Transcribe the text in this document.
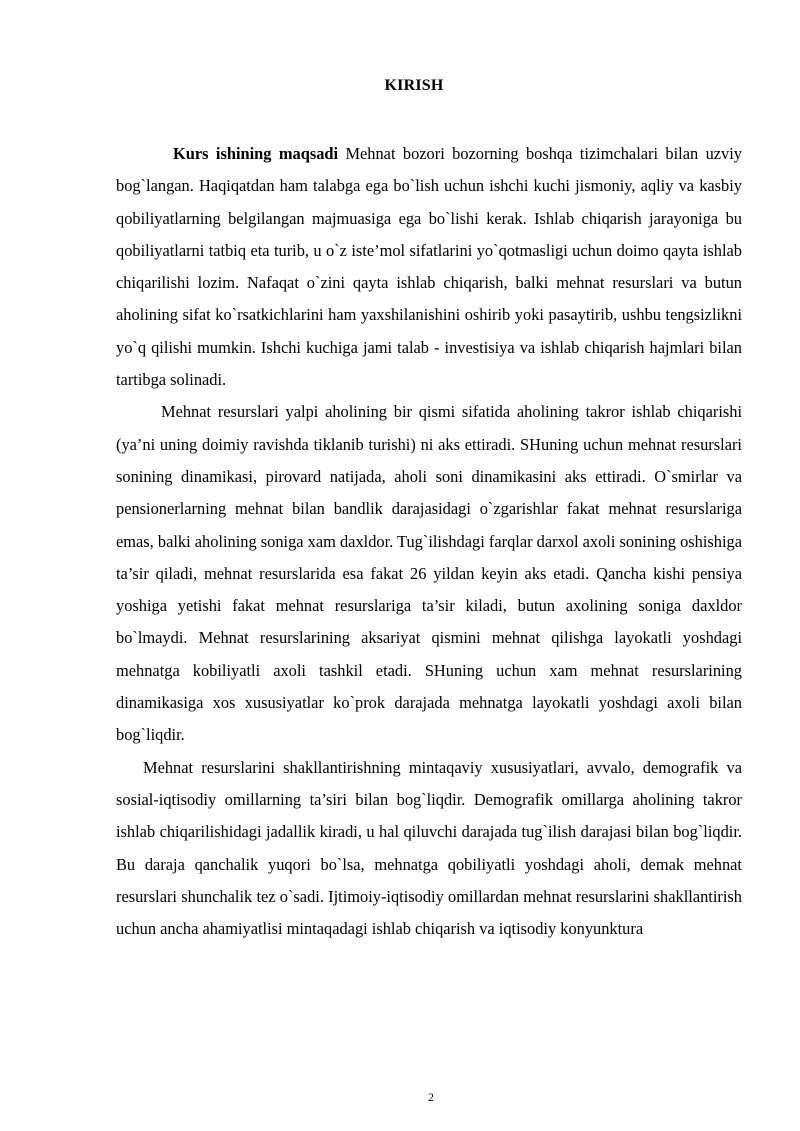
KIRISH

Kurs ishining maqsadi Mehnat bozori bozorning boshqa tizimchalari bilan uzviy bog`langan. Haqiqatdan ham talabga ega bo`lish uchun ishchi kuchi jismoniy, aqliy va kasbiy qobiliyatlarning belgilangan majmuasiga ega bo`lishi kerak. Ishlab chiqarish jarayoniga bu qobiliyatlarni tatbiq eta turib, u o`z iste’mol sifatlarini yo`qotmasligi uchun doimo qayta ishlab chiqarilishi lozim. Nafaqat o`zini qayta ishlab chiqarish, balki mehnat resurslari va butun aholining sifat ko`rsatkichlarini ham yaxshilanishini oshirib yoki pasaytirib, ushbu tengsizlikni yo`q qilishi mumkin. Ishchi kuchiga jami talab - investisiya va ishlab chiqarish hajmlari bilan tartibga solinadi.

Mehnat resurslari yalpi aholining bir qismi sifatida aholining takror ishlab chiqarishi (ya’ni uning doimiy ravishda tiklanib turishi) ni aks ettiradi. SHuning uchun mehnat resurslari sonining dinamikasi, pirovard natijada, aholi soni dinamikasini aks ettiradi. O`smirlar va pensionerlarning mehnat bilan bandlik darajasidagi o`zgarishlar fakat mehnat resurslariga emas, balki aholining soniga xam daxldor. Tug`ilishdagi farqlar darxol axoli sonining oshishiga ta’sir qiladi, mehnat resurslarida esa fakat 26 yildan keyin aks etadi. Qancha kishi pensiya yoshiga yetishi fakat mehnat resurslariga ta’sir kiladi, butun axolining soniga daxldor bo`lmaydi. Mehnat resurslarining aksariyat qismini mehnat qilishga layokatli yoshdagi mehnatga kobiliyatli axoli tashkil etadi. SHuning uchun xam mehnat resurslarining dinamikasiga xos xususiyatlar ko`prok darajada mehnatga layokatli yoshdagi axoli bilan bog`liqdir.

Mehnat resurslarini shakllantirishning mintaqaviy xususiyatlari, avvalo, demografik va sosial-iqtisodiy omillarning ta’siri bilan bog`liqdir. Demografik omillarga aholining takror ishlab chiqarilishidagi jadallik kiradi, u hal qiluvchi darajada tug`ilish darajasi bilan bog`liqdir. Bu daraja qanchalik yuqori bo`lsa, mehnatga qobiliyatli yoshdagi aholi, demak mehnat resurslari shunchalik tez o`sadi. Ijtimoiy-iqtisodiy omillardan mehnat resurslarini shakllantirish uchun ancha ahamiyatlisi mintaqadagi ishlab chiqarish va iqtisodiy konyunktura

2
